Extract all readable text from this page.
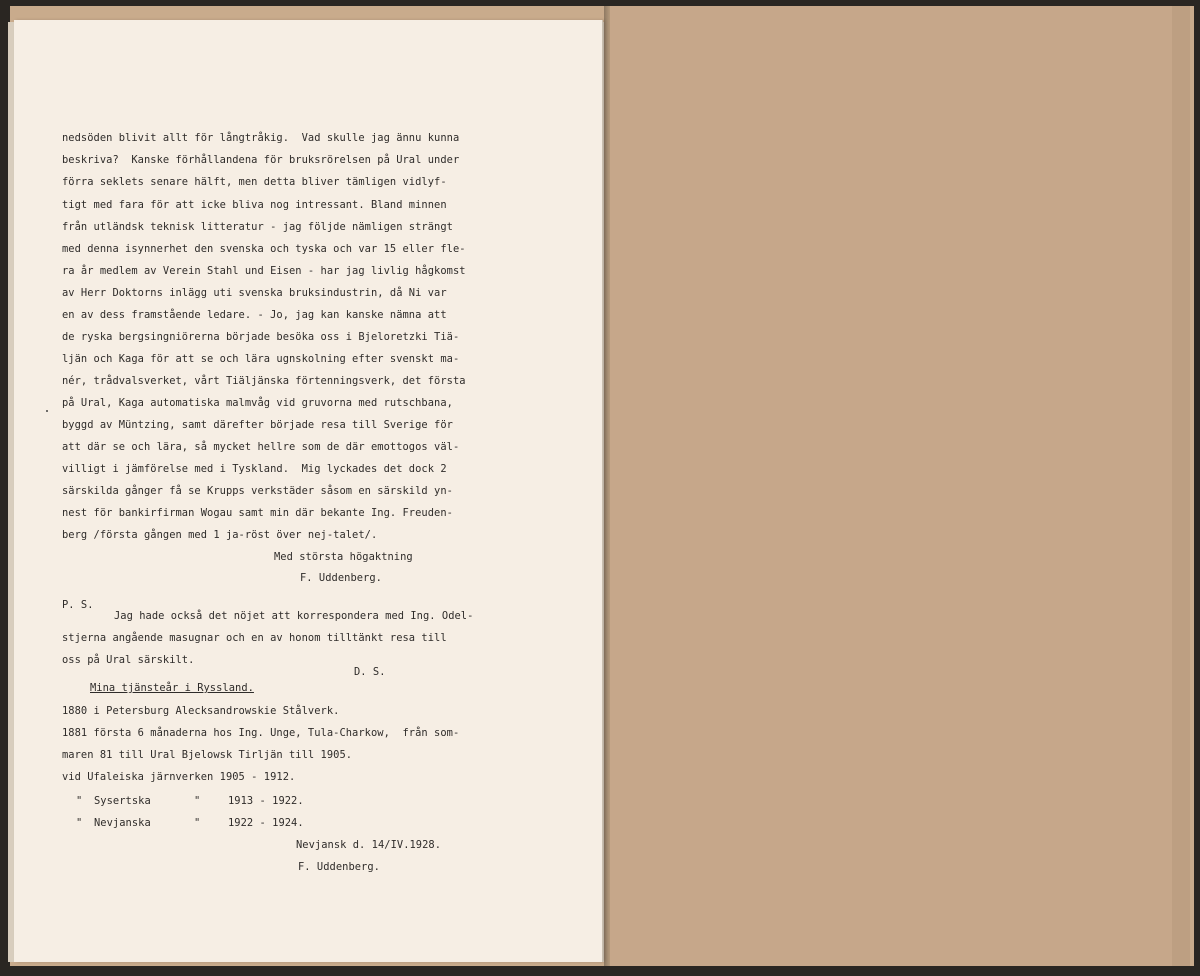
nedsöden blivit allt för långtråkig.  Vad skulle jag ännu kunna
beskriva?  Kanske förhållandena för bruksrörelsen på Ural under
förra seklets senare hälft, men detta bliver tämligen vidlyf-
tigt med fara för att icke bliva nog intressant. Bland minnen
från utländsk teknisk litteratur - jag följde nämligen strängt
med denna isynnerhet den svenska och tyska och var 15 eller fle-
ra år medlem av Verein Stahl und Eisen - har jag livlig hågkomst
av Herr Doktorns inlägg uti svenska bruksindustrin, då Ni var
en av dess framstående ledare. - Jo, jag kan kanske nämna att
de ryska bergsingniörerna började besöka oss i Bjeloretzki Tiä-
ljän och Kaga för att se och lära ugnskolning efter svenskt ma-
nér, trådvalsverket, vårt Tiäljänska förtenningsverk, det första
på Ural, Kaga automatiska malmvåg vid gruvorna med rutschbana,
byggd av Müntzing, samt därefter började resa till Sverige för
att där se och lära, så mycket hellre som de där emottogos väl-
villigt i jämförelse med i Tyskland.  Mig lyckades det dock 2
särskilda gånger få se Krupps verkstäder såsom en särskild yn-
nest för bankirfirman Wogau samt min där bekante Ing. Freuden-
berg /första gången med 1 ja-röst över nej-talet/.
Med största högaktning
F. Uddenberg.
P. S.
Jag hade också det nöjet att korrespondera med Ing. Odel-
stjerna angående masugnar och en av honom tilltänkt resa till
oss på Ural särskilt.
D. S.
Mina tjänsteår i Ryssland.
1880 i Petersburg Alecksandrowskie Stålverk.
1881 första 6 månaderna hos Ing. Unge, Tula-Charkow,  från som-
maren 81 till Ural Bjelowsk Tirljän till 1905.
vid Ufaleiska järnverken 1905 - 1912.
" Sysertska	"	1913 - 1922.
" Nevjanska	"	1922 - 1924.
Nevjansk d. 14/IV.1928.
F. Uddenberg.
